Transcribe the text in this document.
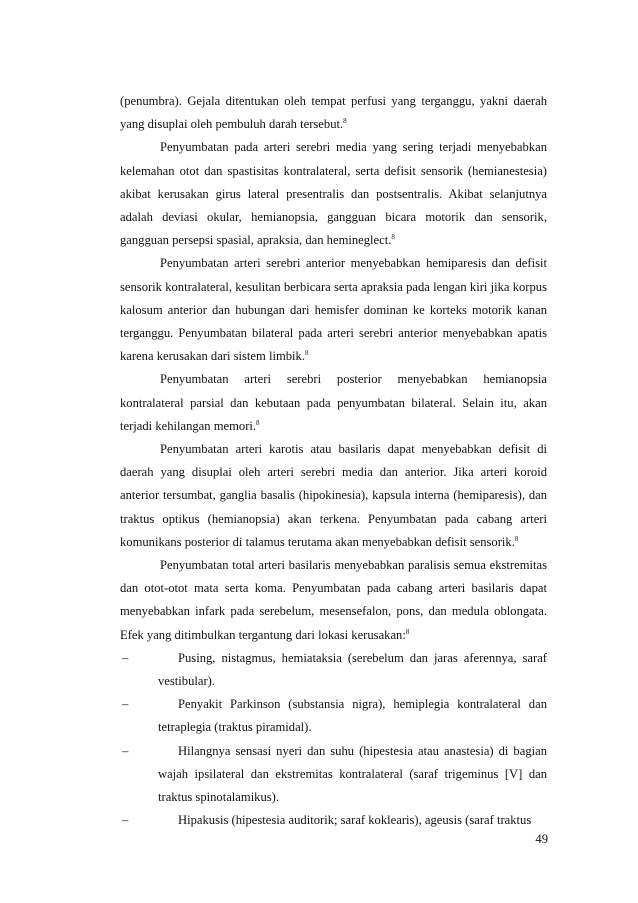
(penumbra). Gejala ditentukan oleh tempat perfusi yang terganggu, yakni daerah yang disuplai oleh pembuluh darah tersebut.$^8$

Penyumbatan pada arteri serebri media yang sering terjadi menyebabkan kelemahan otot dan spastisitas kontralateral, serta defisit sensorik (hemianestesia) akibat kerusakan girus lateral presentralis dan postsentralis. Akibat selanjutnya adalah deviasi okular, hemianopsia, gangguan bicara motorik dan sensorik, gangguan persepsi spasial, apraksia, dan hemineglect.$^8$

Penyumbatan arteri serebri anterior menyebabkan hemiparesis dan defisit sensorik kontralateral, kesulitan berbicara serta apraksia pada lengan kiri jika korpus kalosum anterior dan hubungan dari hemisfer dominan ke korteks motorik kanan terganggu. Penyumbatan bilateral pada arteri serebri anterior menyebabkan apatis karena kerusakan dari sistem limbik.$^8$

Penyumbatan arteri serebri posterior menyebabkan hemianopsia kontralateral parsial dan kebutaan pada penyumbatan bilateral. Selain itu, akan terjadi kehilangan memori.$^8$

Penyumbatan arteri karotis atau basilaris dapat menyebabkan defisit di daerah yang disuplai oleh arteri serebri media dan anterior. Jika arteri koroid anterior tersumbat, ganglia basalis (hipokinesia), kapsula interna (hemiparesis), dan traktus optikus (hemianopsia) akan terkena. Penyumbatan pada cabang arteri komunikans posterior di talamus terutama akan menyebabkan defisit sensorik.$^8$

Penyumbatan total arteri basilaris menyebabkan paralisis semua ekstremitas dan otot-otot mata serta koma. Penyumbatan pada cabang arteri basilaris dapat menyebabkan infark pada serebelum, mesensefalon, pons, dan medula oblongata. Efek yang ditimbulkan tergantung dari lokasi kerusakan:$^8$

–	Pusing, nistagmus, hemiataksia (serebelum dan jaras aferennya, saraf vestibular).
–	Penyakit Parkinson (substansia nigra), hemiplegia kontralateral dan tetraplegia (traktus piramidal).
–	Hilangnya sensasi nyeri dan suhu (hipestesia atau anastesia) di bagian wajah ipsilateral dan ekstremitas kontralateral (saraf trigeminus [V] dan traktus spinotalamikus).
–	Hipakusis (hipestesia auditorik; saraf koklearis), ageusis (saraf traktus
49
